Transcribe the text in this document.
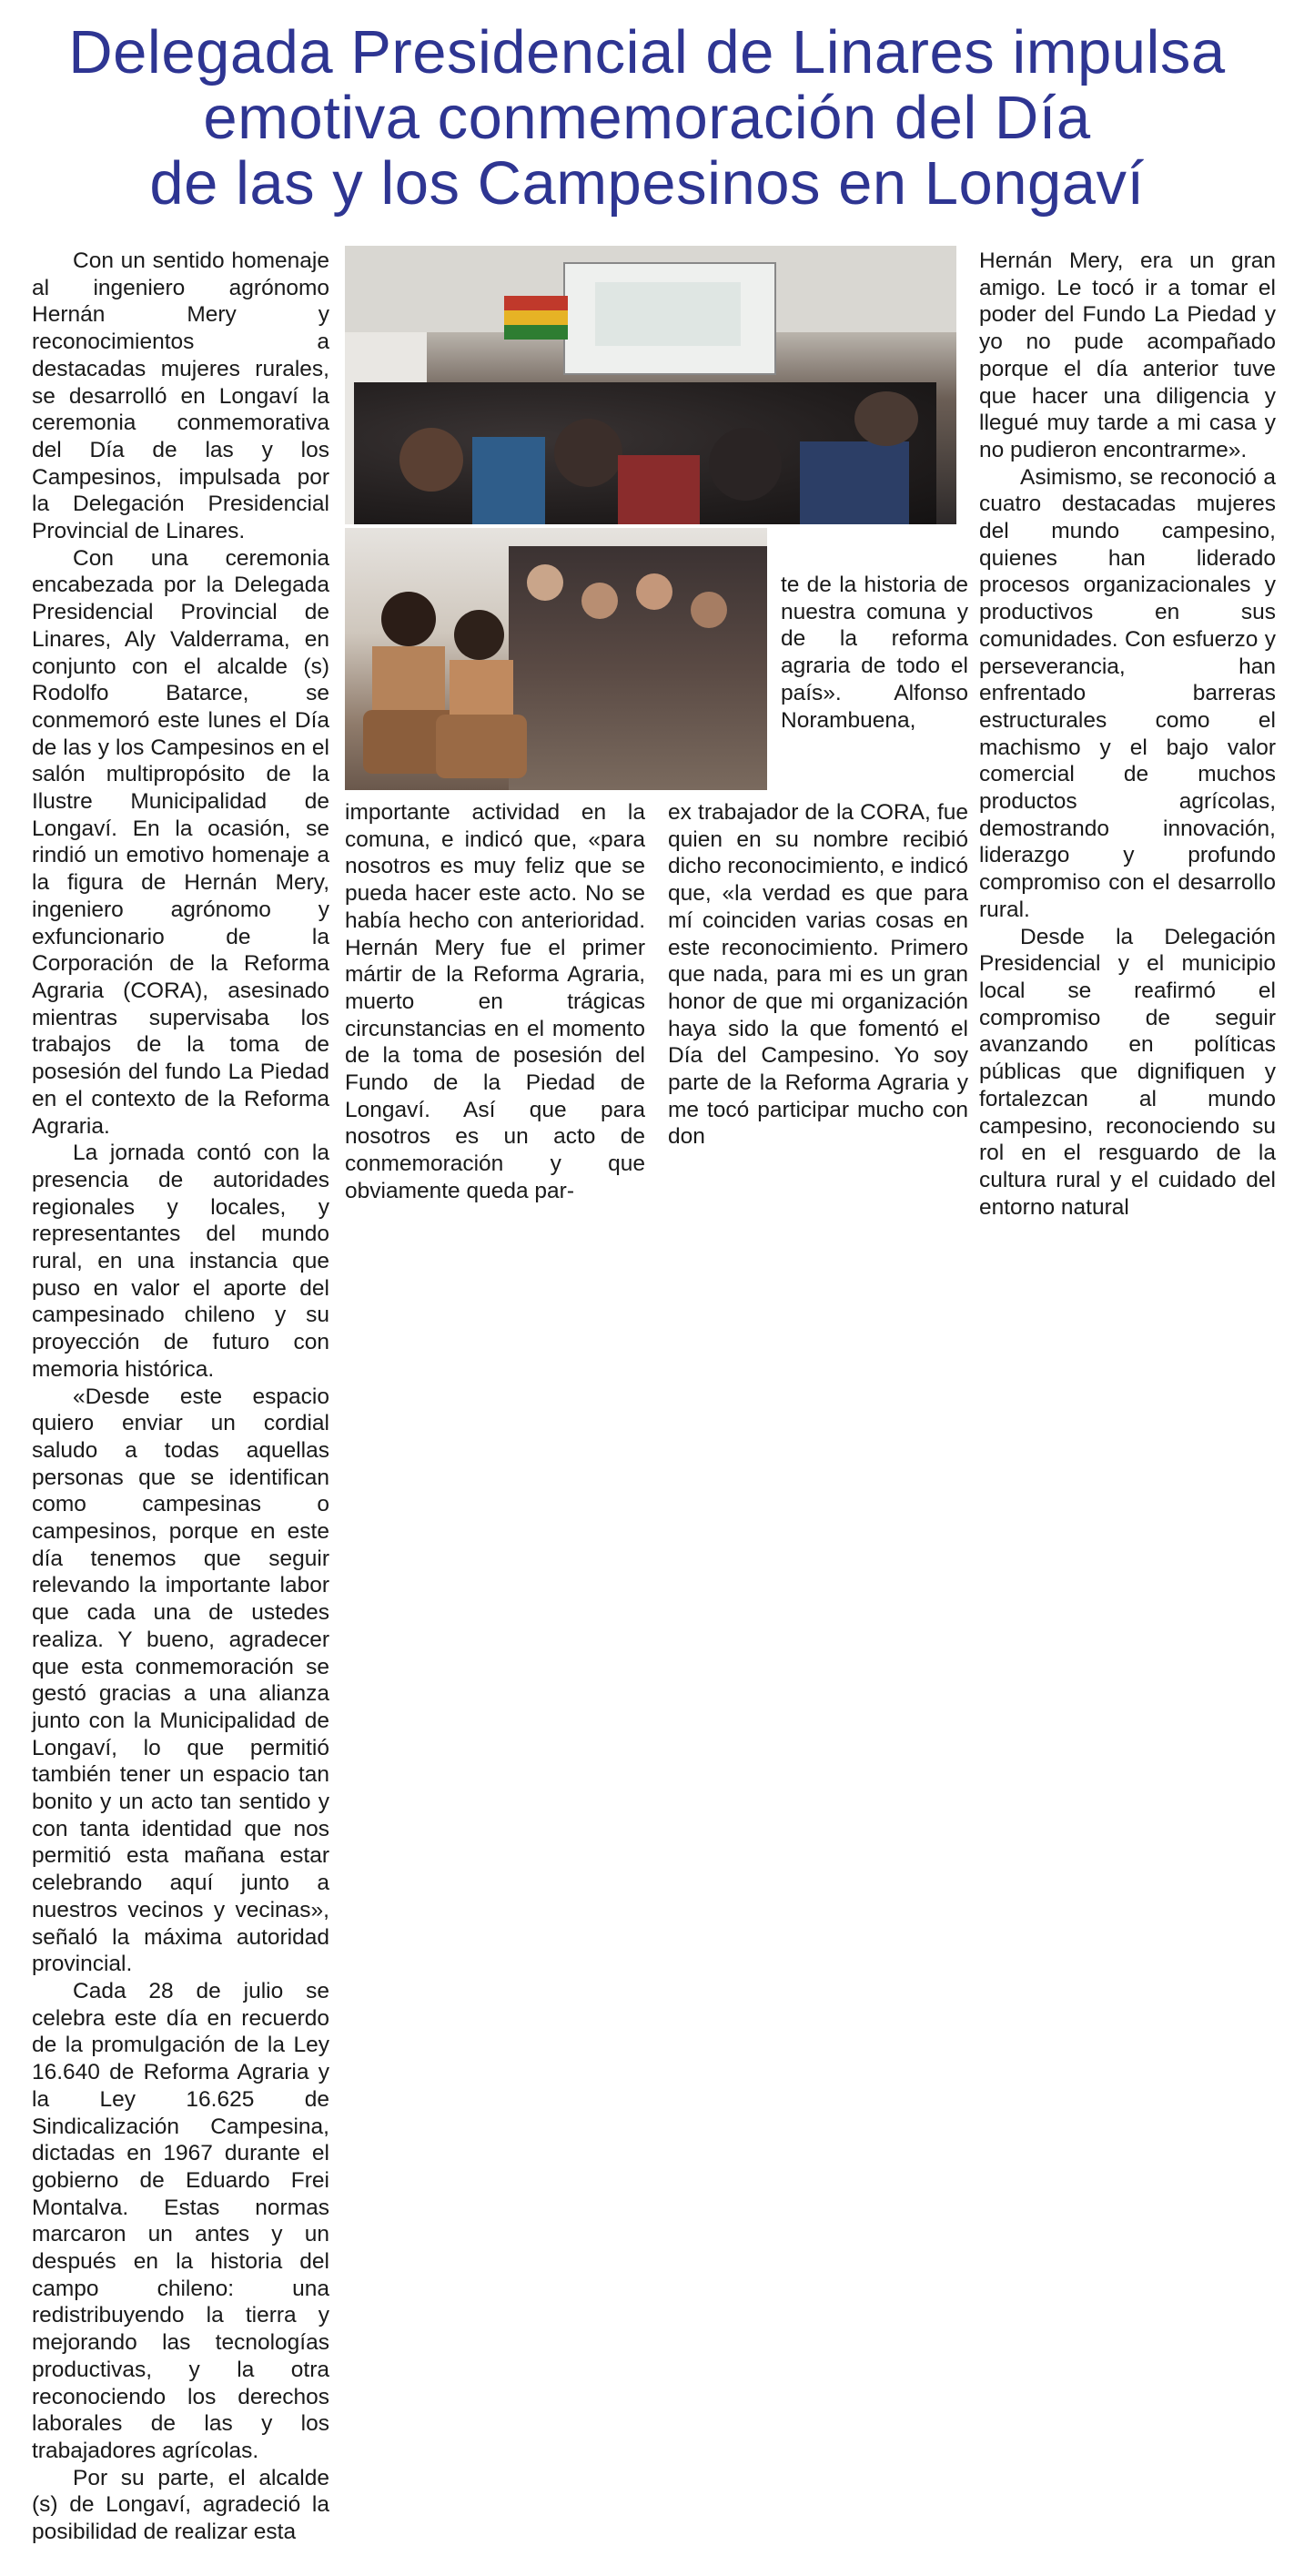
Delegada Presidencial de Linares impulsa
emotiva conmemoración del Día
de las y los Campesinos en Longaví

Con un sentido homenaje al ingeniero agrónomo Hernán Mery y reconocimientos a destacadas mujeres rurales, se desarrolló en Longaví la ceremonia conmemorativa del Día de las y los Campesinos, impulsada por la Delegación Presidencial Provincial de Linares.

Con una ceremonia encabezada por la Delegada Presidencial Provincial de Linares, Aly Valderrama, en conjunto con el alcalde (s) Rodolfo Batarce, se conmemoró este lunes el Día de las y los Campesinos en el salón multipropósito de la Ilustre Municipalidad de Longaví. En la ocasión, se rindió un emotivo homenaje a la figura de Hernán Mery, ingeniero agrónomo y exfuncionario de la Corporación de la Reforma Agraria (CORA), asesinado mientras supervisaba los trabajos de la toma de posesión del fundo La Piedad en el contexto de la Reforma Agraria.

La jornada contó con la presencia de autoridades regionales y locales, y representantes del mundo rural, en una instancia que puso en valor el aporte del campesinado chileno y su proyección de futuro con memoria histórica.

«Desde este espacio quiero enviar un cordial saludo a todas aquellas personas que se identifican como campesinas o campesinos, porque en este día tenemos que seguir relevando la importante labor que cada una de ustedes realiza. Y bueno, agradecer que esta conmemoración se gestó gracias a una alianza junto con la Municipalidad de Longaví, lo que permitió también tener un espacio tan bonito y un acto tan sentido y con tanta identidad que nos permitió esta mañana estar celebrando aquí junto a nuestros vecinos y vecinas», señaló la máxima autoridad provincial.

Cada 28 de julio se celebra este día en recuerdo de la promulgación de la Ley 16.640 de Reforma Agraria y la Ley 16.625 de Sindicalización Campesina, dictadas en 1967 durante el gobierno de Eduardo Frei Montalva. Estas normas marcaron un antes y un después en la historia del campo chileno: una redistribuyendo la tierra y mejorando las tecnologías productivas, y la otra reconociendo los derechos laborales de las y los trabajadores agrícolas.

Por su parte, el alcalde (s) de Longaví, agradeció la posibilidad de realizar esta

te de la historia de nuestra comuna y de la reforma agraria de todo el país». Alfonso Norambuena,

importante actividad en la comuna, e indicó que, «para nosotros es muy feliz que se pueda hacer este acto. No se había hecho con anterioridad. Hernán Mery fue el primer mártir de la Reforma Agraria, muerto en trágicas circunstancias en el momento de la toma de posesión del Fundo de la Piedad de Longaví. Así que para nosotros es un acto de conmemoración y que obviamente queda par-

ex trabajador de la CORA, fue quien en su nombre recibió dicho reconocimiento, e indicó que, «la verdad es que para mí coinciden varias cosas en este reconocimiento. Primero que nada, para mi es un gran honor de que mi organización haya sido la que fomentó el Día del Campesino. Yo soy parte de la Reforma Agraria y me tocó participar mucho con don

Hernán Mery, era un gran amigo. Le tocó ir a tomar el poder del Fundo La Piedad y yo no pude acompañado porque el día anterior tuve que hacer una diligencia y llegué muy tarde a mi casa y no pudieron encontrarme».

Asimismo, se reconoció a cuatro destacadas mujeres del mundo campesino, quienes han liderado procesos organizacionales y productivos en sus comunidades. Con esfuerzo y perseverancia, han enfrentado barreras estructurales como el machismo y el bajo valor comercial de muchos productos agrícolas, demostrando innovación, liderazgo y profundo compromiso con el desarrollo rural.

Desde la Delegación Presidencial y el municipio local se reafirmó el compromiso de seguir avanzando en políticas públicas que dignifiquen y fortalezcan al mundo campesino, reconociendo su rol en el resguardo de la cultura rural y el cuidado del entorno natural
